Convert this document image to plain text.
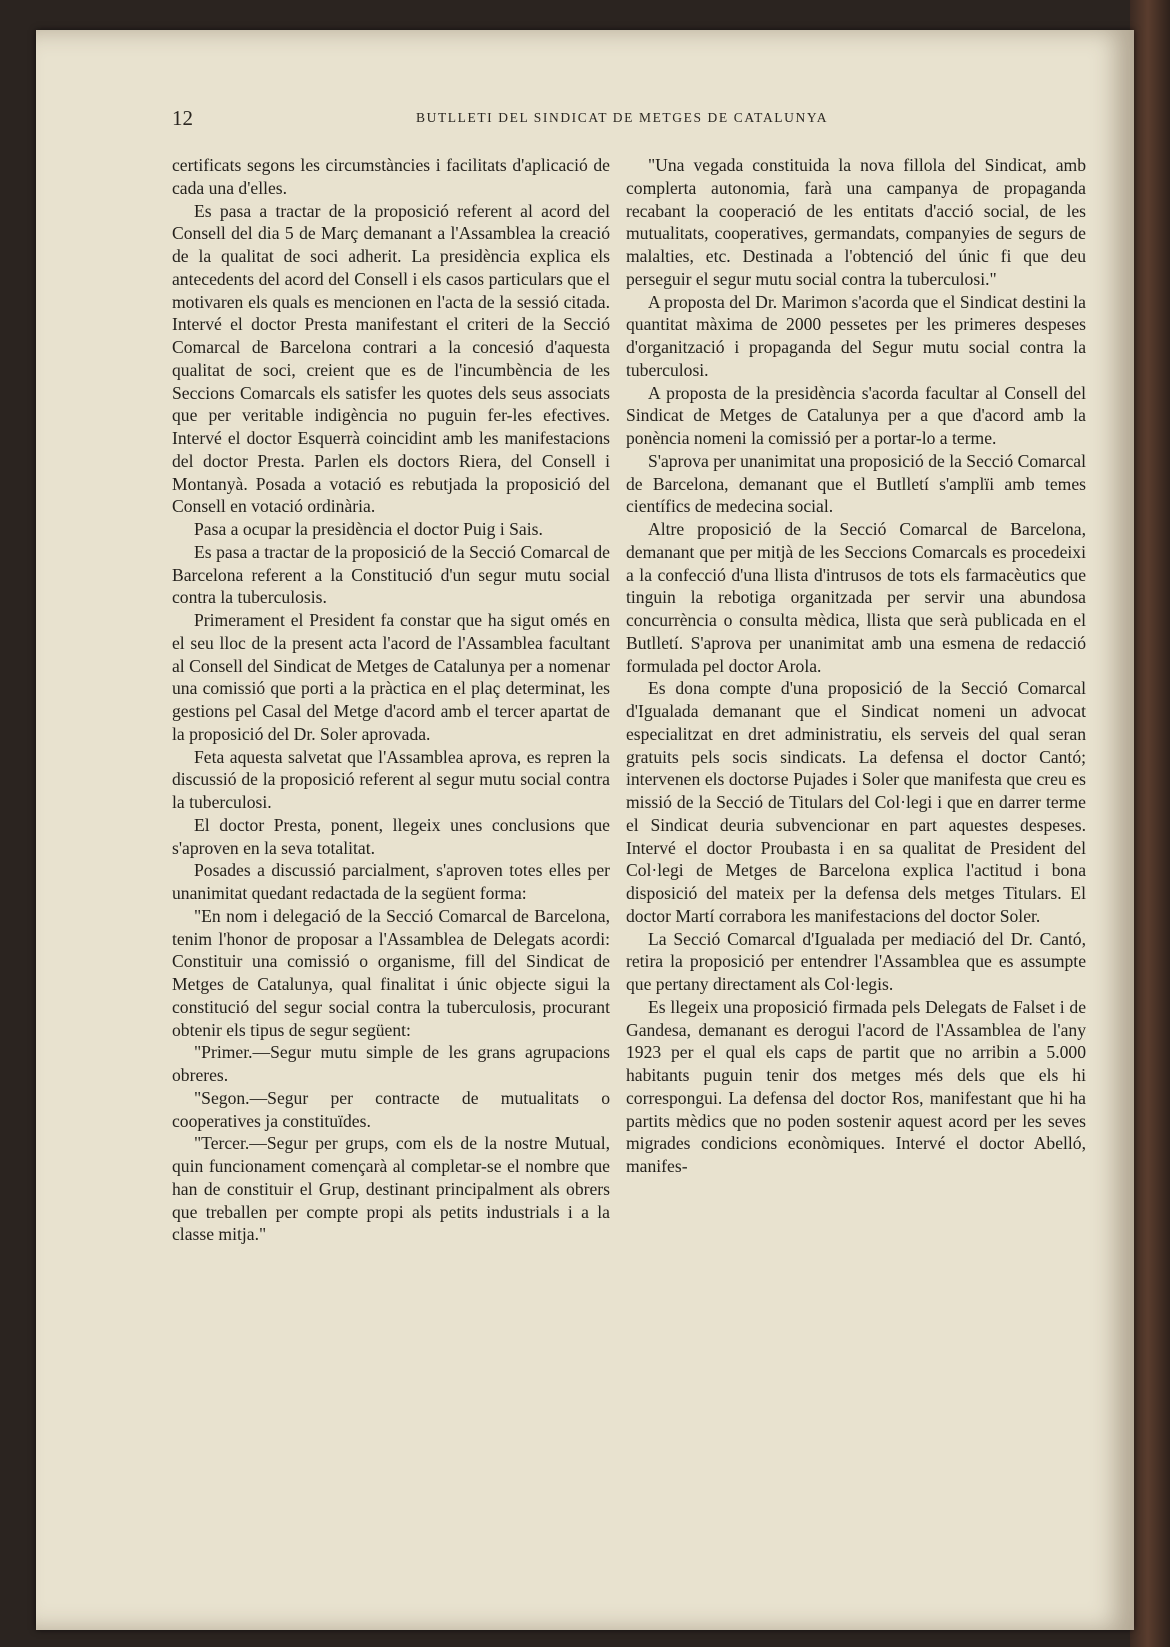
12	BUTLLETI DEL SINDICAT DE METGES DE CATALUNYA

certificats segons les circumstàncies i facilitats d'aplicació de cada una d'elles.

Es pasa a tractar de la proposició referent al acord del Consell del dia 5 de Març demanant a l'Assamblea la creació de la qualitat de soci adherit. La presidència explica els antecedents del acord del Consell i els casos particulars que el motivaren els quals es mencionen en l'acta de la sessió citada. Intervé el doctor Presta manifestant el criteri de la Secció Comarcal de Barcelona contrari a la concesió d'aquesta qualitat de soci, creient que es de l'incumbència de les Seccions Comarcals els satisfer les quotes dels seus associats que per veritable indigència no puguin fer-les efectives. Intervé el doctor Esquerrà coincidint amb les manifestacions del doctor Presta. Parlen els doctors Riera, del Consell i Montanyà. Posada a votació es rebutjada la proposició del Consell en votació ordinària.

Pasa a ocupar la presidència el doctor Puig i Sais.

Es pasa a tractar de la proposició de la Secció Comarcal de Barcelona referent a la Constitució d'un segur mutu social contra la tuberculosis.

Primerament el President fa constar que ha sigut omés en el seu lloc de la present acta l'acord de l'Assamblea facultant al Consell del Sindicat de Metges de Catalunya per a nomenar una comissió que porti a la pràctica en el plaç determinat, les gestions pel Casal del Metge d'acord amb el tercer apartat de la proposició del Dr. Soler aprovada.

Feta aquesta salvetat que l'Assamblea aprova, es repren la discussió de la proposició referent al segur mutu social contra la tuberculosi.

El doctor Presta, ponent, llegeix unes conclusions que s'aproven en la seva totalitat.

Posades a discussió parcialment, s'aproven totes elles per unanimitat quedant redactada de la següent forma:

"En nom i delegació de la Secció Comarcal de Barcelona, tenim l'honor de proposar a l'Assamblea de Delegats acordi: Constituir una comissió o organisme, fill del Sindicat de Metges de Catalunya, qual finalitat i únic objecte sigui la constitució del segur social contra la tuberculosis, procurant obtenir els tipus de segur següent:

"Primer.—Segur mutu simple de les grans agrupacions obreres.

"Segon.—Segur per contracte de mutualitats o cooperatives ja constituïdes.

"Tercer.—Segur per grups, com els de la nostre Mutual, quin funcionament començarà al completar-se el nombre que han de constituir el Grup, destinant principalment als obrers que treballen per compte propi als petits industrials i a la classe mitja."

"Una vegada constituida la nova fillola del Sindicat, amb complerta autonomia, farà una campanya de propaganda recabant la cooperació de les entitats d'acció social, de les mutualitats, cooperatives, germandats, companyies de segurs de malalties, etc. Destinada a l'obtenció del únic fi que deu perseguir el segur mutu social contra la tuberculosi."

A proposta del Dr. Marimon s'acorda que el Sindicat destini la quantitat màxima de 2000 pessetes per les primeres despeses d'organització i propaganda del Segur mutu social contra la tuberculosi.

A proposta de la presidència s'acorda facultar al Consell del Sindicat de Metges de Catalunya per a que d'acord amb la ponència nomeni la comissió per a portar-lo a terme.

S'aprova per unanimitat una proposició de la Secció Comarcal de Barcelona, demanant que el Butlletí s'amplïi amb temes científics de medecina social.

Altre proposició de la Secció Comarcal de Barcelona, demanant que per mitjà de les Seccions Comarcals es procedeixi a la confecció d'una llista d'intrusos de tots els farmacèutics que tinguin la rebotiga organitzada per servir una abundosa concurrència o consulta mèdica, llista que serà publicada en el Butlletí. S'aprova per unanimitat amb una esmena de redacció formulada pel doctor Arola.

Es dona compte d'una proposició de la Secció Comarcal d'Igualada demanant que el Sindicat nomeni un advocat especialitzat en dret administratiu, els serveis del qual seran gratuits pels socis sindicats. La defensa el doctor Cantó; intervenen els doctorse Pujades i Soler que manifesta que creu es missió de la Secció de Titulars del Col·legi i que en darrer terme el Sindicat deuria subvencionar en part aquestes despeses. Intervé el doctor Proubasta i en sa qualitat de President del Col·legi de Metges de Barcelona explica l'actitud i bona disposició del mateix per la defensa dels metges Titulars. El doctor Martí corrabora les manifestacions del doctor Soler.

La Secció Comarcal d'Igualada per mediació del Dr. Cantó, retira la proposició per entendrer l'Assamblea que es assumpte que pertany directament als Col·legis.

Es llegeix una proposició firmada pels Delegats de Falset i de Gandesa, demanant es derogui l'acord de l'Assamblea de l'any 1923 per el qual els caps de partit que no arribin a 5.000 habitants puguin tenir dos metges més dels que els hi correspongui. La defensa del doctor Ros, manifestant que hi ha partits mèdics que no poden sostenir aquest acord per les seves migrades condicions econòmiques. Intervé el doctor Abelló, manifes-
